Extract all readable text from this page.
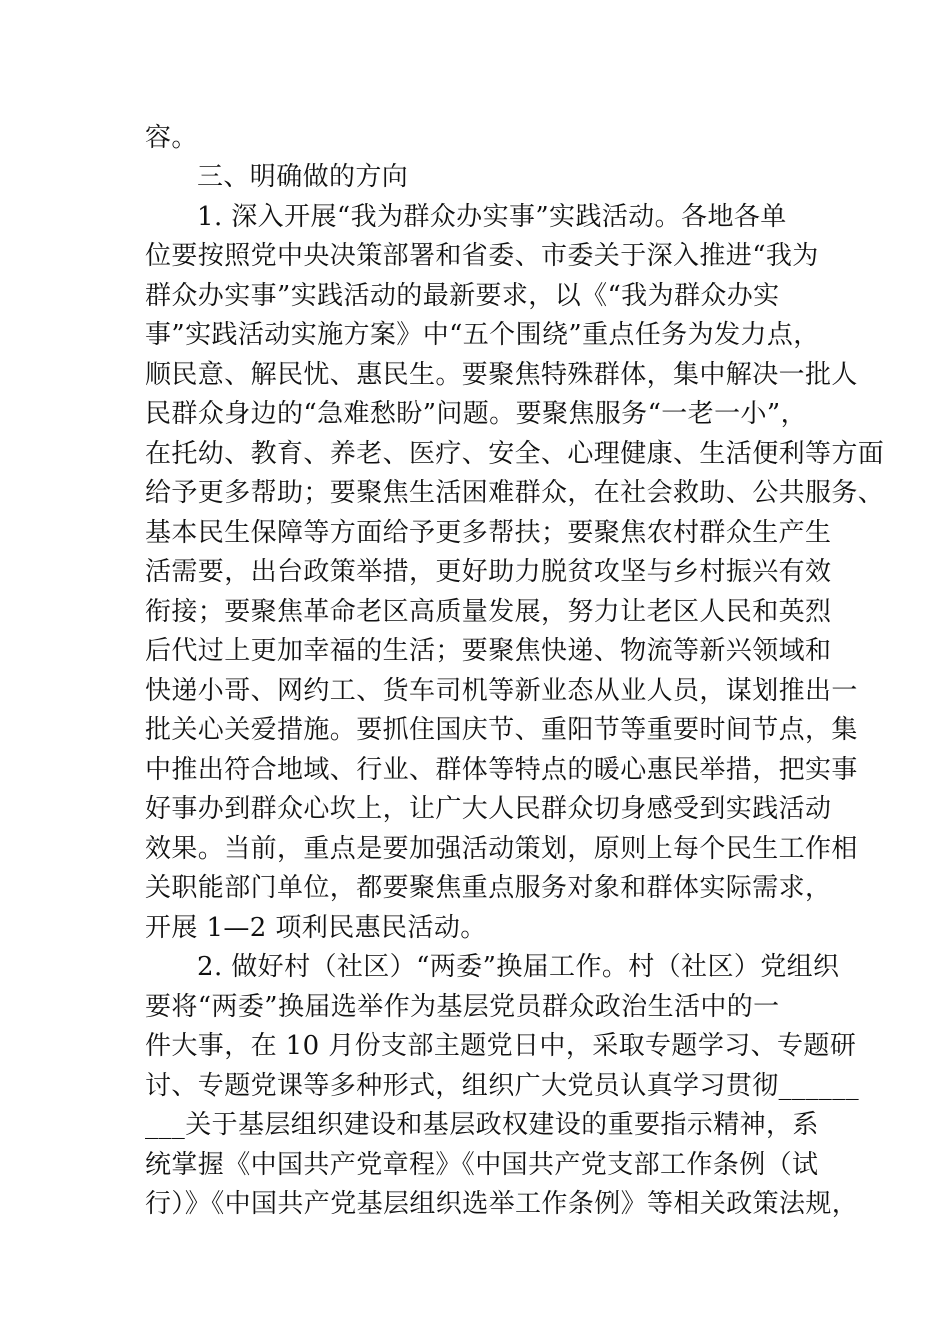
容。
三、明确做的方向
1. 深入开展“我为群众办实事”实践活动。各地各单
位要按照党中央决策部署和省委、市委关于深入推进“我为
群众办实事”实践活动的最新要求，以《“我为群众办实
事”实践活动实施方案》中“五个围绕”重点任务为发力点，
顺民意、解民忧、惠民生。要聚焦特殊群体，集中解决一批人
民群众身边的“急难愁盼”问题。要聚焦服务“一老一小”，
在托幼、教育、养老、医疗、安全、心理健康、生活便利等方面
给予更多帮助；要聚焦生活困难群众，在社会救助、公共服务、
基本民生保障等方面给予更多帮扶；要聚焦农村群众生产生
活需要，出台政策举措，更好助力脱贫攻坚与乡村振兴有效
衔接；要聚焦革命老区高质量发展，努力让老区人民和英烈
后代过上更加幸福的生活；要聚焦快递、物流等新兴领域和
快递小哥、网约工、货车司机等新业态从业人员，谋划推出一
批关心关爱措施。要抓住国庆节、重阳节等重要时间节点，集
中推出符合地域、行业、群体等特点的暖心惠民举措，把实事
好事办到群众心坎上，让广大人民群众切身感受到实践活动
效果。当前，重点是要加强活动策划，原则上每个民生工作相
关职能部门单位，都要聚焦重点服务对象和群体实际需求，
开展 1—2 项利民惠民活动。
2. 做好村（社区）“两委”换届工作。村（社区）党组织
要将“两委”换届选举作为基层党员群众政治生活中的一
件大事，在 10 月份支部主题党日中，采取专题学习、专题研
讨、专题党课等多种形式，组织广大党员认真学习贯彻______
___关于基层组织建设和基层政权建设的重要指示精神，系
统掌握《中国共产党章程》《中国共产党支部工作条例（试
行）》《中国共产党基层组织选举工作条例》等相关政策法规，
